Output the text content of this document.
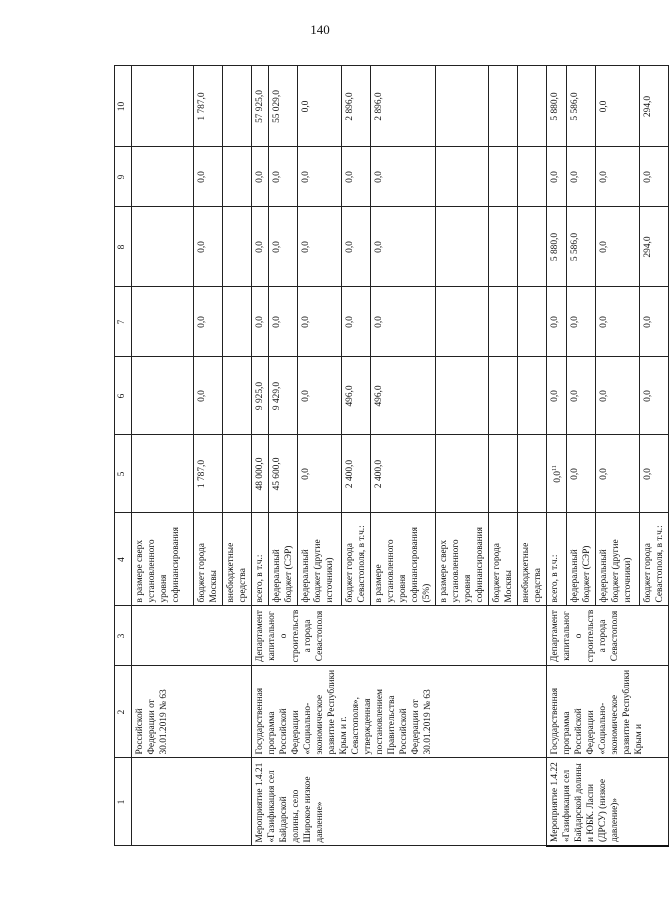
140
1	2	3	4	5	6	7	8	9	10
	Российской Федерации от 30.01.2019 № 63		в размере сверх установленного уровня софинансирования						
			бюджет города Москвы	1 787,0	0,0	0,0	0,0	0,0	1 787,0
			внебюджетные средства						
Мероприятие 1.4.21 «Газификация сел Байдарской долины, село Широкое низкое давление»	Государственная программа Российской Федерации «Социально-экономическое развитие Республики Крым и г. Севастополя», утвержденная постановлением Правительства Российской Федерации от 30.01.2019 № 63	Департамент капитального строительства города Севастополя	всего, в т.ч.:	48 000,0	9 925,0	0,0	0,0	0,0	57 925,0
			федеральный бюджет (СЭР)	45 600,0	9 429,0	0,0	0,0	0,0	55 029,0
			федеральный бюджет (другие источники)	0,0	0,0	0,0	0,0	0,0	0,0
			бюджет города Севастополя, в т.ч.:	2 400,0	496,0	0,0	0,0	0,0	2 896,0
			в размере установленного уровня софинансирования (5%)	2 400,0	496,0	0,0	0,0	0,0	2 896,0
			в размере сверх установленного уровня софинансирования						
			бюджет города Москвы						
			внебюджетные средства						
Мероприятие 1.4.22 «Газификация сел Байдарской долины и ЮБК. Ласпи (ДРСУ) (низкое давление)»	Государственная программа Российской Федерации «Социально-экономическое развитие Республики Крым и	Департамент капитального строительства города Севастополя	всего, в т.ч.:	$0,0^{11}$	0,0	0,0	5 880,0	0,0	5 880,0
			федеральный бюджет (СЭР)	0,0	0,0	0,0	5 586,0	0,0	5 586,0
			федеральный бюджет (другие источники)	0,0	0,0	0,0	0,0	0,0	0,0
			бюджет города Севастополя, в т.ч.:	0,0	0,0	0,0	294,0	0,0	294,0
